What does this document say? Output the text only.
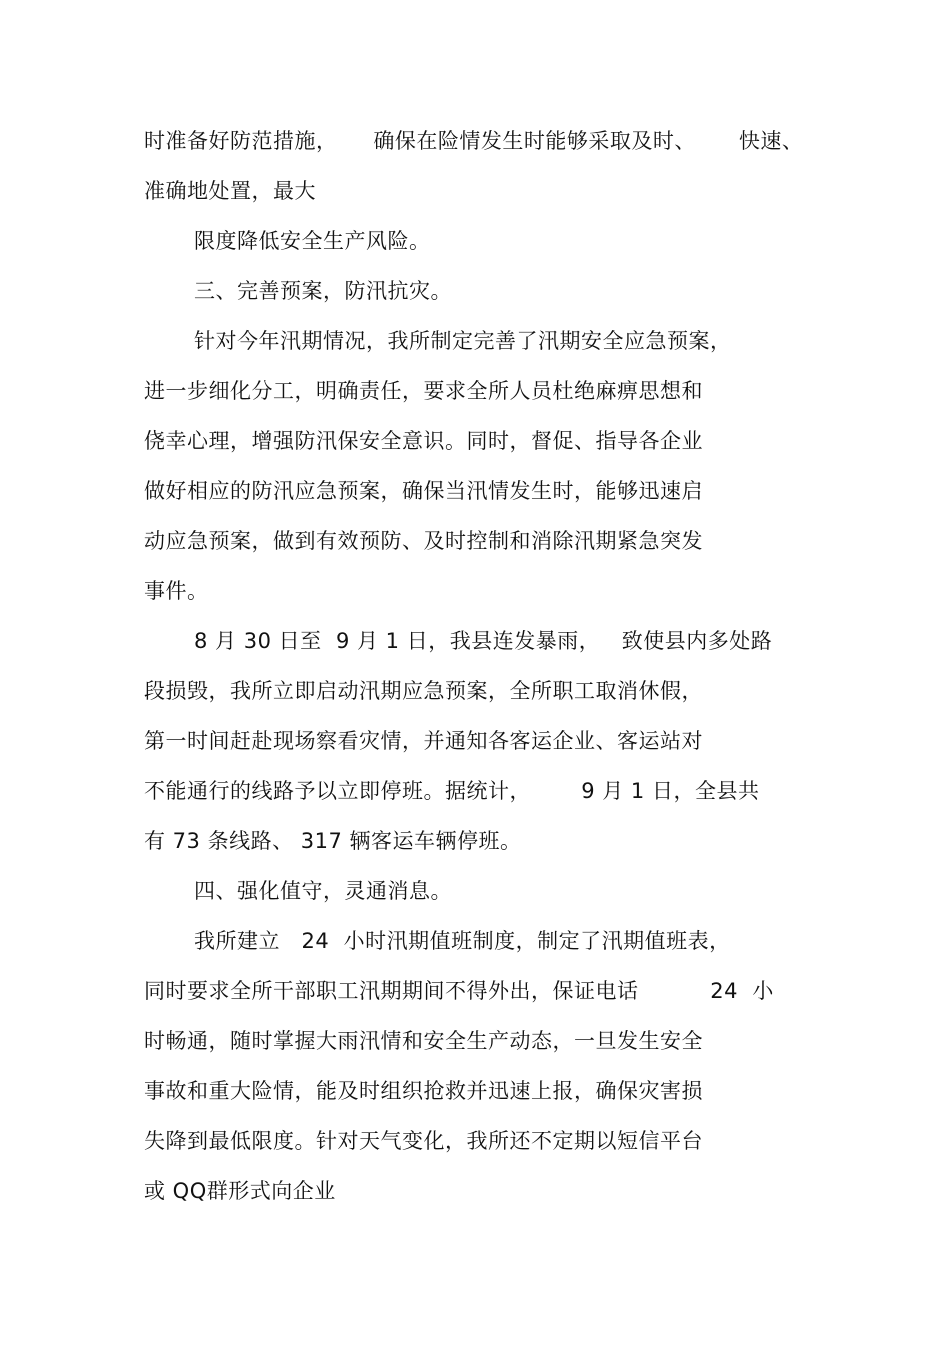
时准备好防范措施，     确保在险情发生时能够采取及时、      快速、
准确地处置，最大
限度降低安全生产风险。
三、完善预案，防汛抗灾。
针对今年汛期情况，我所制定完善了汛期安全应急预案，
进一步细化分工，明确责任，要求全所人员杜绝麻痹思想和
侥幸心理，增强防汛保安全意识。同时，督促、指导各企业
做好相应的防汛应急预案，确保当汛情发生时，能够迅速启
动应急预案，做到有效预防、及时控制和消除汛期紧急突发
事件。
8 月 30 日至  9 月 1 日，我县连发暴雨，   致使县内多处路
段损毁，我所立即启动汛期应急预案，全所职工取消休假，
第一时间赶赴现场察看灾情，并通知各客运企业、客运站对
不能通行的线路予以立即停班。据统计，       9 月 1 日，全县共
有 73 条线路、 317 辆客运车辆停班。
四、强化值守，灵通消息。
我所建立   24  小时汛期值班制度，制定了汛期值班表，
同时要求全所干部职工汛期期间不得外出，保证电话          24  小
时畅通，随时掌握大雨汛情和安全生产动态，一旦发生安全
事故和重大险情，能及时组织抢救并迅速上报，确保灾害损
失降到最低限度。针对天气变化，我所还不定期以短信平台
或 QQ群形式向企业
